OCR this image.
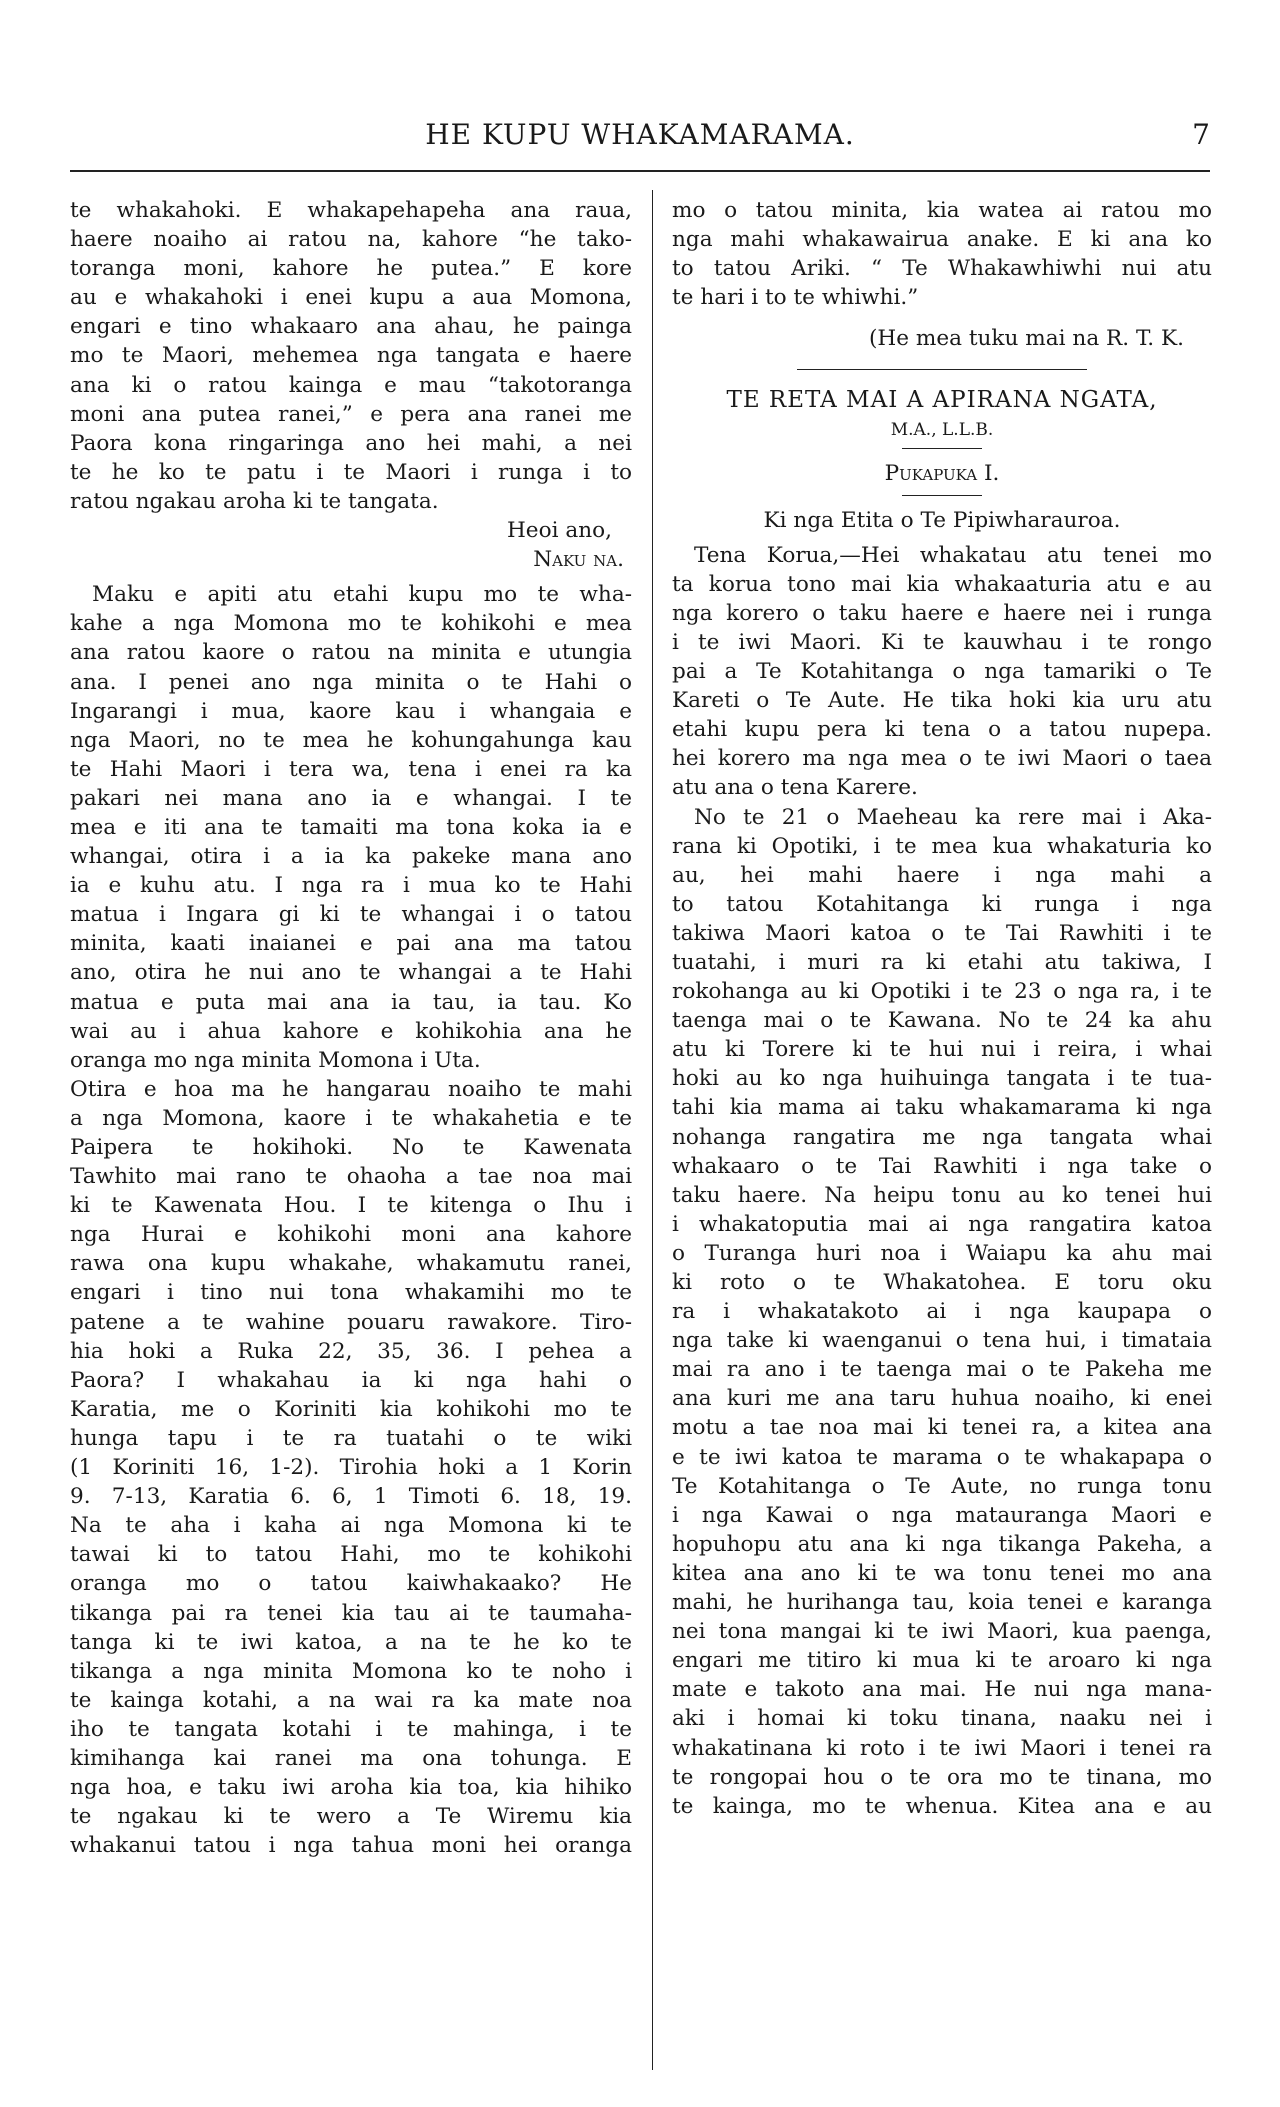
HE KUPU WHAKAMARAMA.	7
te whakahoki. E whakapehapeha ana raua,
haere noaiho ai ratou na, kahore “he tako-
toranga moni, kahore he putea.” E kore
au e whakahoki i enei kupu a aua Momona,
engari e tino whakaaro ana ahau, he painga
mo te Maori, mehemea nga tangata e haere
ana ki o ratou kainga e mau “takotoranga
moni ana putea ranei,” e pera ana ranei me
Paora kona ringaringa ano hei mahi, a nei
te he ko te patu i te Maori i runga i to
ratou ngakau aroha ki te tangata.
Heoi ano,
Naku na.
Maku e apiti atu etahi kupu mo te wha-
kahe a nga Momona mo te kohikohi e mea
ana ratou kaore o ratou na minita e utungia
ana. I penei ano nga minita o te Hahi o
Ingarangi i mua, kaore kau i whangaia e
nga Maori, no te mea he kohungahunga kau
te Hahi Maori i tera wa, tena i enei ra ka
pakari nei mana ano ia e whangai. I te
mea e iti ana te tamaiti ma tona koka ia e
whangai, otira i a ia ka pakeke mana ano
ia e kuhu atu. I nga ra i mua ko te Hahi
matua i Ingara gi ki te whangai i o tatou
minita, kaati inaianei e pai ana ma tatou
ano, otira he nui ano te whangai a te Hahi
matua e puta mai ana ia tau, ia tau. Ko
wai au i ahua kahore e kohikohia ana he
oranga mo nga minita Momona i Uta.
Otira e hoa ma he hangarau noaiho te mahi
a nga Momona, kaore i te whakahetia e te
Paipera te hokihoki. No te Kawenata
Tawhito mai rano te ohaoha a tae noa mai
ki te Kawenata Hou. I te kitenga o Ihu i
nga Hurai e kohikohi moni ana kahore
rawa ona kupu whakahe, whakamutu ranei,
engari i tino nui tona whakamihi mo te
patene a te wahine pouaru rawakore. Tiro-
hia hoki a Ruka 22, 35, 36. I pehea a
Paora? I whakahau ia ki nga hahi o
Karatia, me o Koriniti kia kohikohi mo te
hunga tapu i te ra tuatahi o te wiki
(1 Koriniti 16, 1-2). Tirohia hoki a 1 Korin
9. 7-13, Karatia 6. 6, 1 Timoti 6. 18, 19.
Na te aha i kaha ai nga Momona ki te
tawai ki to tatou Hahi, mo te kohikohi
oranga mo o tatou kaiwhakaako? He
tikanga pai ra tenei kia tau ai te taumaha-
tanga ki te iwi katoa, a na te he ko te
tikanga a nga minita Momona ko te noho i
te kainga kotahi, a na wai ra ka mate noa
iho te tangata kotahi i te mahinga, i te
kimihanga kai ranei ma ona tohunga. E
nga hoa, e taku iwi aroha kia toa, kia hihiko
te ngakau ki te wero a Te Wiremu kia
whakanui tatou i nga tahua moni hei oranga
mo o tatou minita, kia watea ai ratou mo
nga mahi whakawairua anake. E ki ana ko
to tatou Ariki. “ Te Whakawhiwhi nui atu
te hari i to te whiwhi.”
(He mea tuku mai na R. T. K.
TE RETA MAI A APIRANA NGATA,
M.A., L.L.B.
Pukapuka I.
Ki nga Etita o Te Pipiwharauroa.
Tena Korua,—Hei whakatau atu tenei mo
ta korua tono mai kia whakaaturia atu e au
nga korero o taku haere e haere nei i runga
i te iwi Maori. Ki te kauwhau i te rongo
pai a Te Kotahitanga o nga tamariki o Te
Kareti o Te Aute. He tika hoki kia uru atu
etahi kupu pera ki tena o a tatou nupepa.
hei korero ma nga mea o te iwi Maori o taea
atu ana o tena Karere.
No te 21 o Maeheau ka rere mai i Aka-
rana ki Opotiki, i te mea kua whakaturia ko
au, hei mahi haere i nga mahi a
to tatou Kotahitanga ki runga i nga
takiwa Maori katoa o te Tai Rawhiti i te
tuatahi, i muri ra ki etahi atu takiwa, I
rokohanga au ki Opotiki i te 23 o nga ra, i te
taenga mai o te Kawana. No te 24 ka ahu
atu ki Torere ki te hui nui i reira, i whai
hoki au ko nga huihuinga tangata i te tua-
tahi kia mama ai taku whakamarama ki nga
nohanga rangatira me nga tangata whai
whakaaro o te Tai Rawhiti i nga take o
taku haere. Na heipu tonu au ko tenei hui
i whakatoputia mai ai nga rangatira katoa
o Turanga huri noa i Waiapu ka ahu mai
ki roto o te Whakatohea. E toru oku
ra i whakatakoto ai i nga kaupapa o
nga take ki waenganui o tena hui, i timataia
mai ra ano i te taenga mai o te Pakeha me
ana kuri me ana taru huhua noaiho, ki enei
motu a tae noa mai ki tenei ra, a kitea ana
e te iwi katoa te marama o te whakapapa o
Te Kotahitanga o Te Aute, no runga tonu
i nga Kawai o nga matauranga Maori e
hopuhopu atu ana ki nga tikanga Pakeha, a
kitea ana ano ki te wa tonu tenei mo ana
mahi, he hurihanga tau, koia tenei e karanga
nei tona mangai ki te iwi Maori, kua paenga,
engari me titiro ki mua ki te aroaro ki nga
mate e takoto ana mai. He nui nga mana-
aki i homai ki toku tinana, naaku nei i
whakatinana ki roto i te iwi Maori i tenei ra
te rongopai hou o te ora mo te tinana, mo
te kainga, mo te whenua. Kitea ana e au
